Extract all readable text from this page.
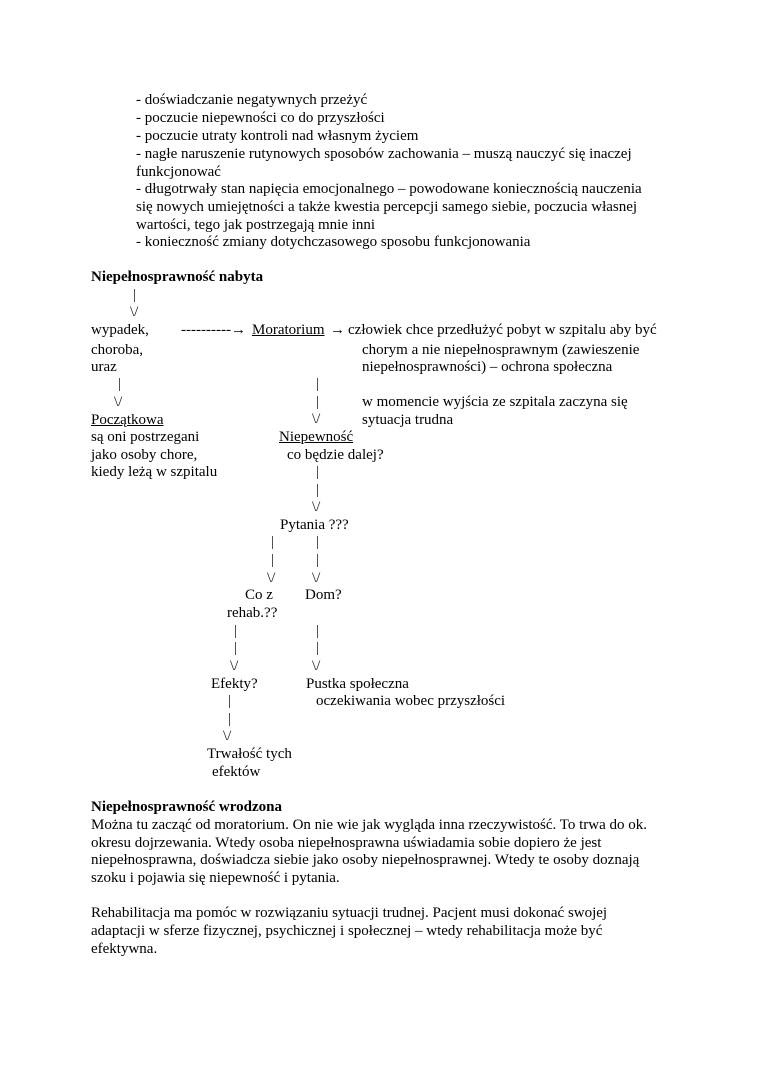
- doświadczanie negatywnych przeżyć
- poczucie niepewności co do przyszłości
- poczucie utraty kontroli nad własnym życiem
- nagłe naruszenie rutynowych sposobów zachowania – muszą nauczyć się inaczej
funkcjonować
- długotrwały stan napięcia emocjonalnego – powodowane koniecznością nauczenia
się nowych umiejętności a także kwestia percepcji samego siebie, poczucia własnej
wartości, tego jak postrzegają mnie inni
- konieczność zmiany dotychczasowego sposobu funkcjonowania
Niepełnosprawność nabyta
|
\/
wypadek,
choroba,
uraz
----------→ Moratorium → człowiek chce przedłużyć pobyt w szpitalu aby być
chorym a nie niepełnosprawnym (zawieszenie
niepełnosprawności) – ochrona społeczna
|
\/
|
|
\/
w momencie wyjścia ze szpitala zaczyna się
sytuacja trudna
Początkowa
są oni postrzegani
jako osoby chore,
kiedy leżą w szpitalu
Niepewność
co będzie dalej?
|
|
\/
Pytania ???
|
|
\/
|
|
\/
Co z
rehab.??
Dom?
|
|
\/
|
|
\/
Efekty?	Pustka społeczna
oczekiwania wobec przyszłości
|
|
\/
Trwałość tych
efektów
Niepełnosprawność wrodzona
Można tu zacząć od moratorium. On nie wie jak wygląda inna rzeczywistość. To trwa do ok.
okresu dojrzewania. Wtedy osoba niepełnosprawna uświadamia sobie dopiero że jest
niepełnosprawna, doświadcza siebie jako osoby niepełnosprawnej. Wtedy te osoby doznają
szoku i pojawia się niepewność i pytania.
Rehabilitacja ma pomóc w rozwiązaniu sytuacji trudnej. Pacjent musi dokonać swojej
adaptacji w sferze fizycznej, psychicznej i społecznej – wtedy rehabilitacja może być
efektywna.
